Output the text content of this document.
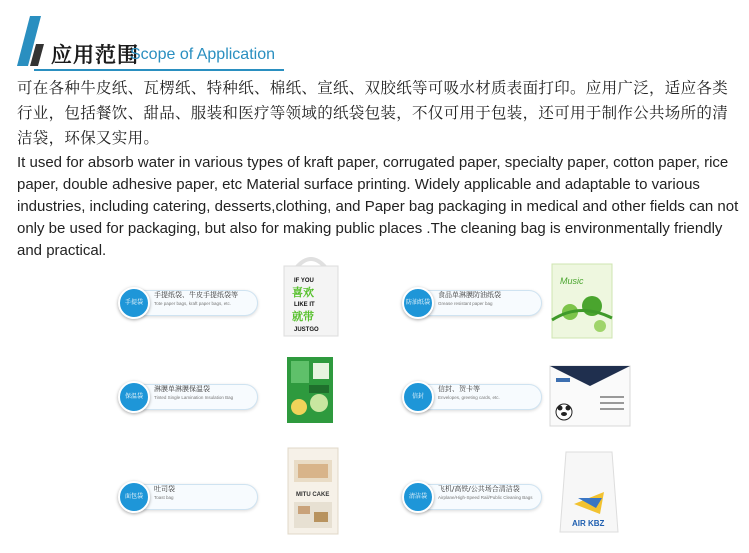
应用范围
Scope of Application
可在各种牛皮纸、瓦楞纸、特种纸、棉纸、宣纸、双胶纸等可吸水材质表面打印。应用广泛，适应各类行业，包括餐饮、甜品、服装和医疗等领域的纸袋包装，不仅可用于包装，还可用于制作公共场所的清洁袋，环保又实用。
It used for absorb water in various types of kraft paper, corrugated paper, specialty paper, cotton paper, rice paper, double adhesive paper, etc Material surface printing. Widely applicable and adaptable to various industries, including catering, desserts,clothing, and Paper bag packaging in medical and other fields can not only be used for packaging, but also for making public places .The cleaning bag is environmentally friendly and practical.
手提袋
手提纸袋、牛皮手提纸袋等
Tote paper bags, kraft paper bags, etc.
IF YOU
喜欢
LIKE IT
就带
JUSTGO
防油纸袋
食品单淋膜防油纸袋
Grease resistant paper bag
Music
保温袋
淋膜单淋膜保温袋
Tinted Single Lamination Insulation Bag	信封
信封、贺卡等
Envelopes, greeting cards, etc.
面包袋
吐司袋
Toast bag	MITU CAKE	清洁袋
飞机/高铁/公共场合清洁袋
Airplane/High-Speed Rail/Public Cleaning Bags
AIR KBZ
